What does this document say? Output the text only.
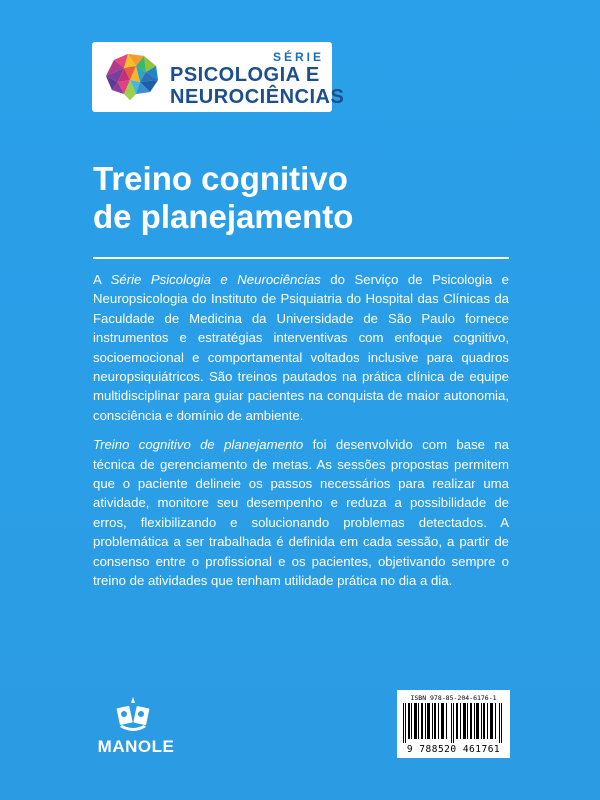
SÉRIE
PSICOLOGIA E
NEUROCIÊNCIAS
Treino cognitivo
de planejamento

A Série Psicologia e Neurociências do Serviço de Psicologia e Neuropsicologia do Instituto de Psiquiatria do Hospital das Clínicas da Faculdade de Medicina da Universidade de São Paulo fornece instrumentos e estratégias interventivas com enfoque cognitivo, socioemocional e comportamental voltados inclusive para quadros neuropsiquiátricos. São treinos pautados na prática clínica de equipe multidisciplinar para guiar pacientes na conquista de maior autonomia, consciência e domínio de ambiente.

Treino cognitivo de planejamento foi desenvolvido com base na técnica de gerenciamento de metas. As sessões propostas permitem que o paciente delineie os passos necessários para realizar uma atividade, monitore seu desempenho e reduza a possibilidade de erros, flexibilizando e solucionando problemas detectados. A problemática a ser trabalhada é definida em cada sessão, a partir de consenso entre o profissional e os pacientes, objetivando sempre o treino de atividades que tenham utilidade prática no dia a dia.

MANOLE
ISBN 978-85-204-6176-1
9 788520 461761
